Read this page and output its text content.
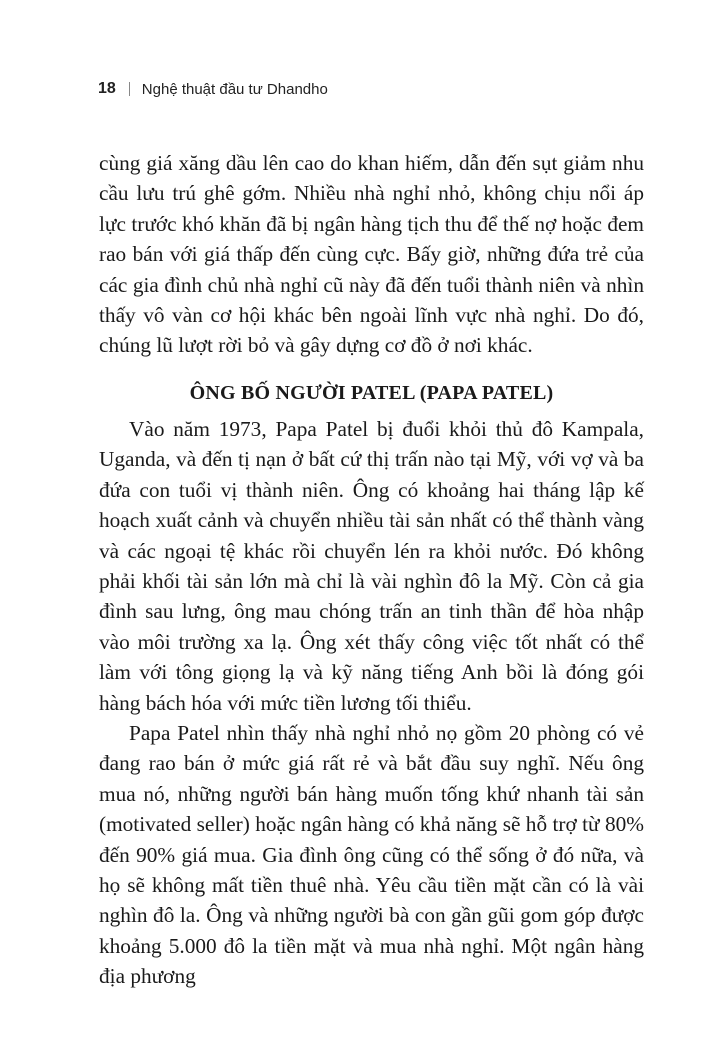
18 Nghệ thuật đầu tư Dhandho

cùng giá xăng dầu lên cao do khan hiếm, dẫn đến sụt giảm nhu cầu lưu trú ghê gớm. Nhiều nhà nghỉ nhỏ, không chịu nổi áp lực trước khó khăn đã bị ngân hàng tịch thu để thế nợ hoặc đem rao bán với giá thấp đến cùng cực. Bấy giờ, những đứa trẻ của các gia đình chủ nhà nghỉ cũ này đã đến tuổi thành niên và nhìn thấy vô vàn cơ hội khác bên ngoài lĩnh vực nhà nghỉ. Do đó, chúng lũ lượt rời bỏ và gây dựng cơ đồ ở nơi khác.

ÔNG BỐ NGƯỜI PATEL (PAPA PATEL)

Vào năm 1973, Papa Patel bị đuổi khỏi thủ đô Kampala, Uganda, và đến tị nạn ở bất cứ thị trấn nào tại Mỹ, với vợ và ba đứa con tuổi vị thành niên. Ông có khoảng hai tháng lập kế hoạch xuất cảnh và chuyển nhiều tài sản nhất có thể thành vàng và các ngoại tệ khác rồi chuyển lén ra khỏi nước. Đó không phải khối tài sản lớn mà chỉ là vài nghìn đô la Mỹ. Còn cả gia đình sau lưng, ông mau chóng trấn an tinh thần để hòa nhập vào môi trường xa lạ. Ông xét thấy công việc tốt nhất có thể làm với tông giọng lạ và kỹ năng tiếng Anh bồi là đóng gói hàng bách hóa với mức tiền lương tối thiểu.

Papa Patel nhìn thấy nhà nghỉ nhỏ nọ gồm 20 phòng có vẻ đang rao bán ở mức giá rất rẻ và bắt đầu suy nghĩ. Nếu ông mua nó, những người bán hàng muốn tống khứ nhanh tài sản (motivated seller) hoặc ngân hàng có khả năng sẽ hỗ trợ từ 80% đến 90% giá mua. Gia đình ông cũng có thể sống ở đó nữa, và họ sẽ không mất tiền thuê nhà. Yêu cầu tiền mặt cần có là vài nghìn đô la. Ông và những người bà con gần gũi gom góp được khoảng 5.000 đô la tiền mặt và mua nhà nghỉ. Một ngân hàng địa phương
